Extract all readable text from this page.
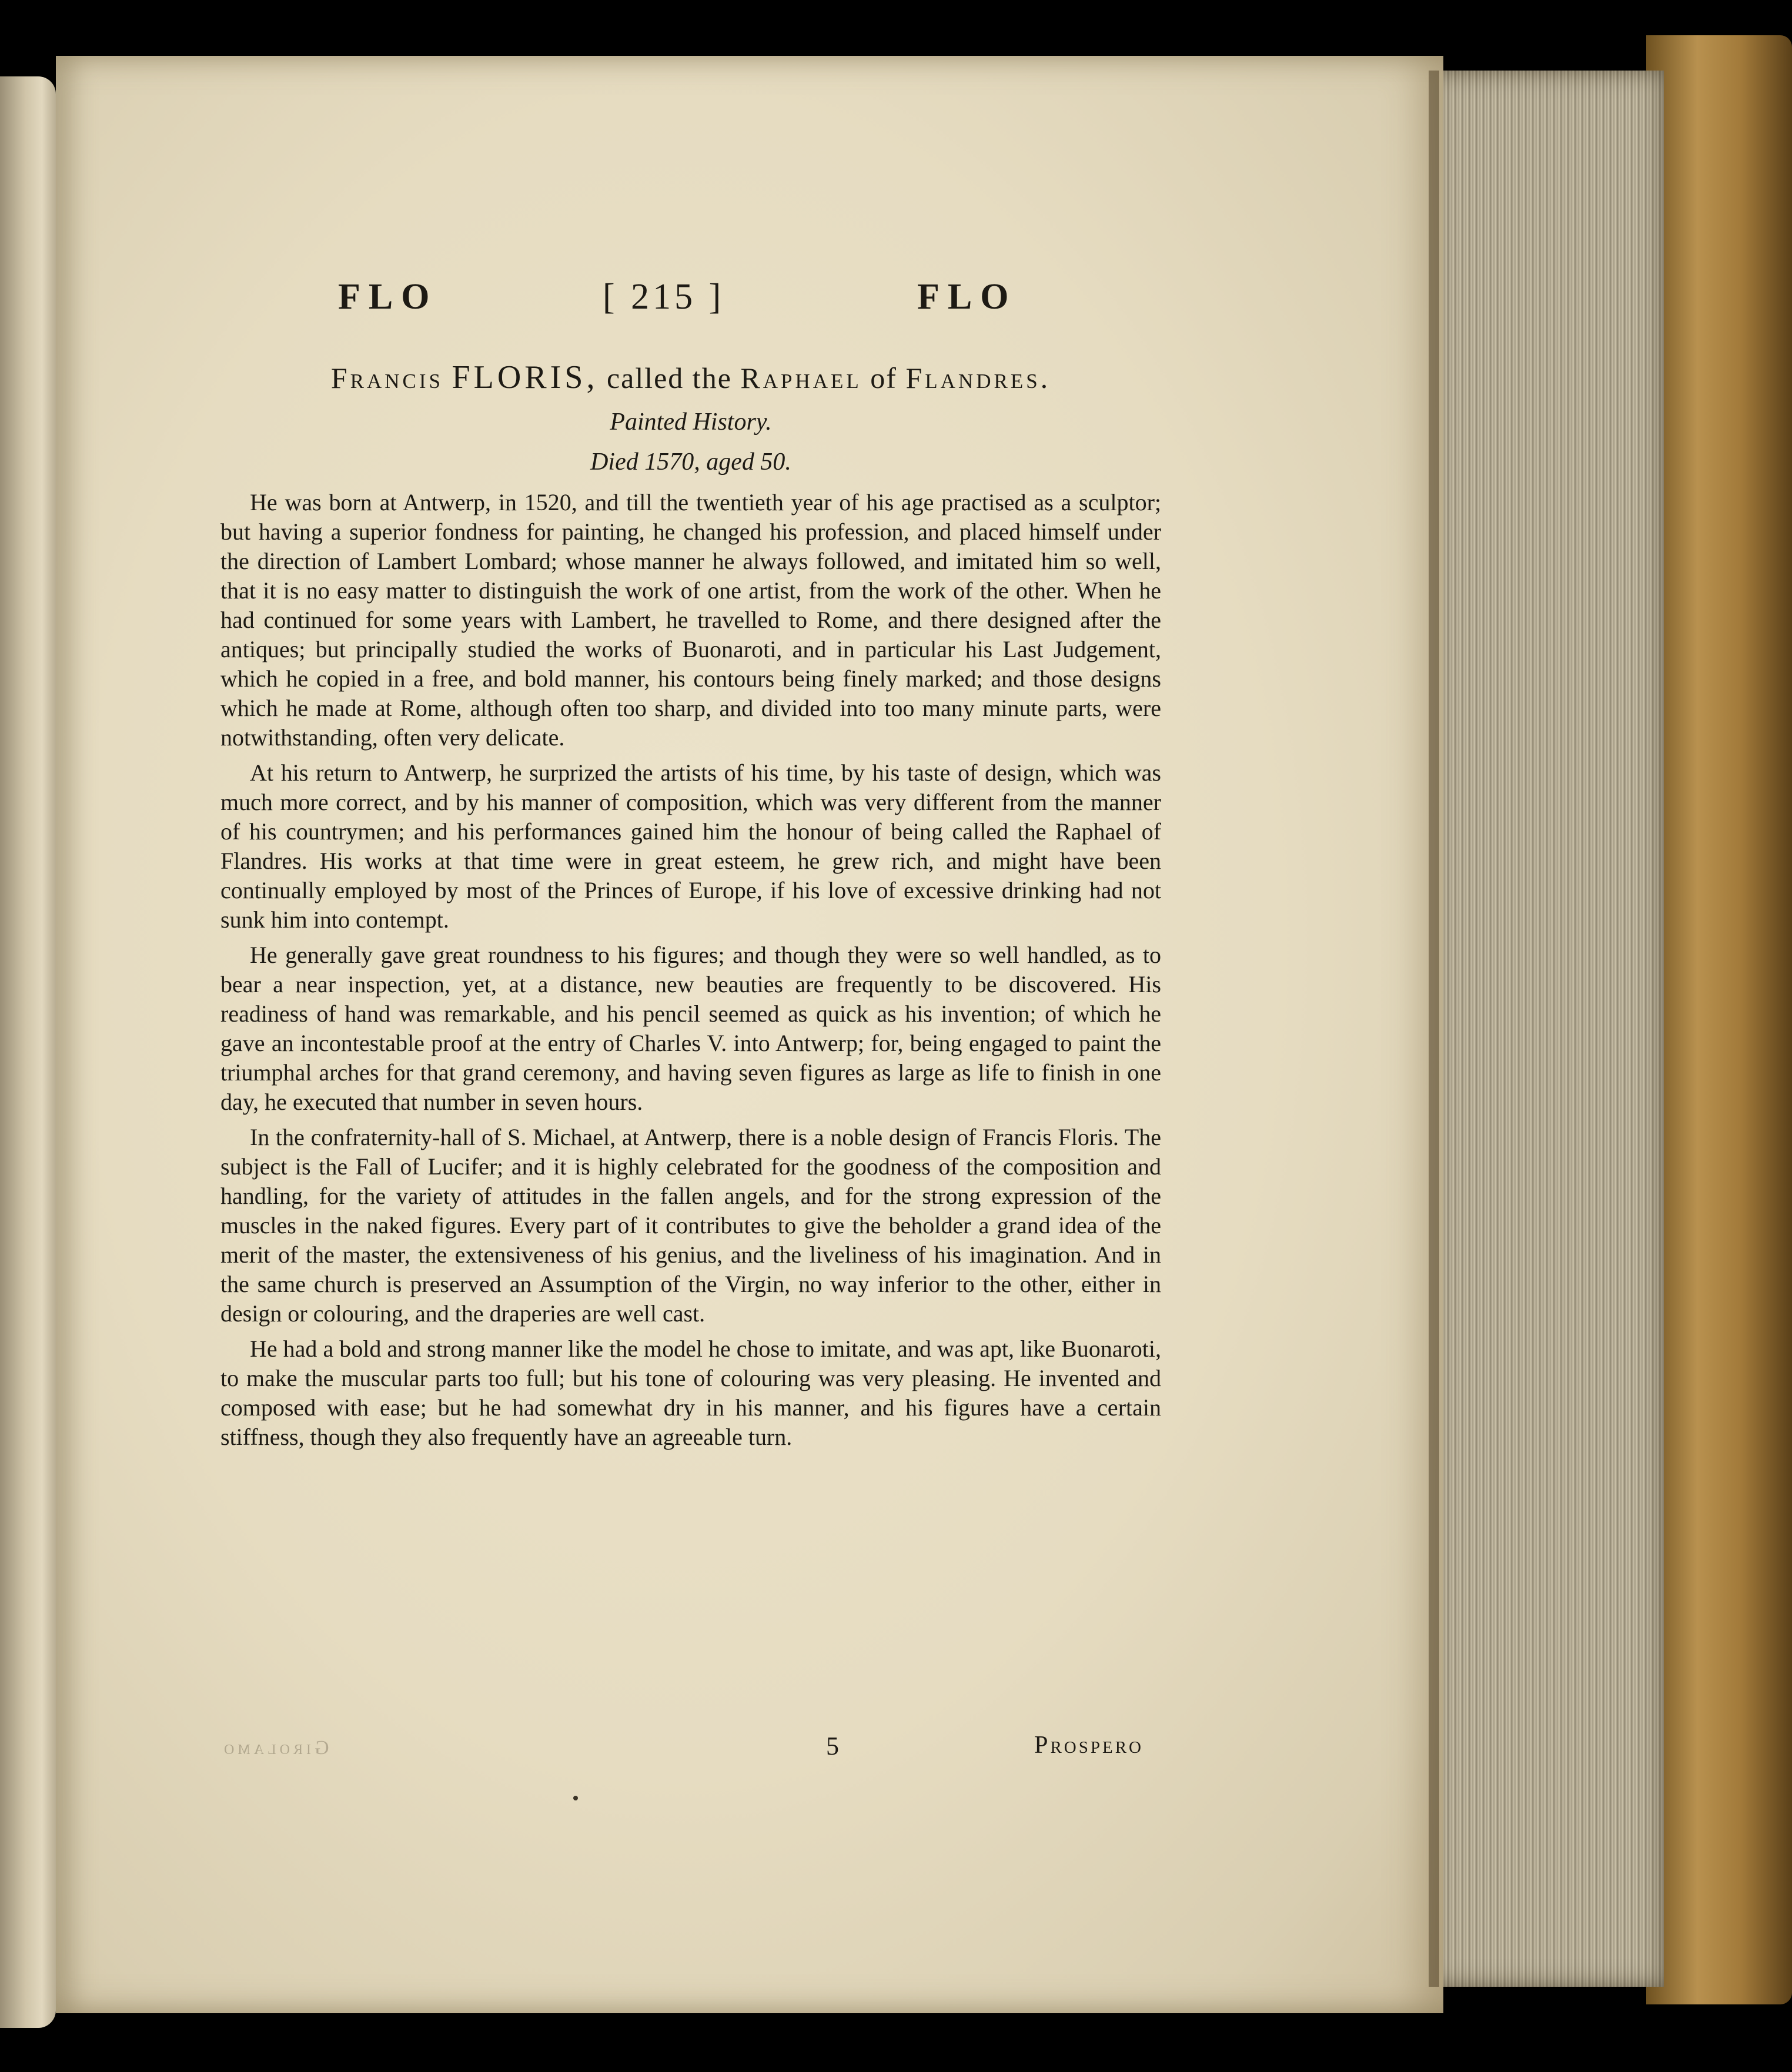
FLO	[ 215 ]	FLO
Francis FLORIS, called the Raphael of Flandres.
Painted History.
Died 1570, aged 50.

He was born at Antwerp, in 1520, and till the twentieth year of his age practised as a sculptor; but having a superior fondness for painting, he changed his profession, and placed himself under the direction of Lambert Lombard; whose manner he always followed, and imitated him so well, that it is no easy matter to distinguish the work of one artist, from the work of the other. When he had continued for some years with Lambert, he travelled to Rome, and there designed after the antiques; but principally studied the works of Buonaroti, and in particular his Last Judgement, which he copied in a free, and bold manner, his contours being finely marked; and those designs which he made at Rome, although often too sharp, and divided into too many minute parts, were notwithstanding, often very delicate.

At his return to Antwerp, he surprized the artists of his time, by his taste of design, which was much more correct, and by his manner of composition, which was very different from the manner of his countrymen; and his performances gained him the honour of being called the Raphael of Flandres. His works at that time were in great esteem, he grew rich, and might have been continually employed by most of the Princes of Europe, if his love of excessive drinking had not sunk him into contempt.

He generally gave great roundness to his figures; and though they were so well handled, as to bear a near inspection, yet, at a distance, new beauties are frequently to be discovered. His readiness of hand was remarkable, and his pencil seemed as quick as his invention; of which he gave an incontestable proof at the entry of Charles V. into Antwerp; for, being engaged to paint the triumphal arches for that grand ceremony, and having seven figures as large as life to finish in one day, he executed that number in seven hours.

In the confraternity-hall of S. Michael, at Antwerp, there is a noble design of Francis Floris. The subject is the Fall of Lucifer; and it is highly celebrated for the goodness of the composition and handling, for the variety of attitudes in the fallen angels, and for the strong expression of the muscles in the naked figures. Every part of it contributes to give the beholder a grand idea of the merit of the master, the extensiveness of his genius, and the liveliness of his imagination. And in the same church is preserved an Assumption of the Virgin, no way inferior to the other, either in design or colouring, and the draperies are well cast.

He had a bold and strong manner like the model he chose to imitate, and was apt, like Buonaroti, to make the muscular parts too full; but his tone of colouring was very pleasing. He invented and composed with ease; but he had somewhat dry in his manner, and his figures have a certain stiffness, though they also frequently have an agreeable turn.

Girolamo	5	Prospero
